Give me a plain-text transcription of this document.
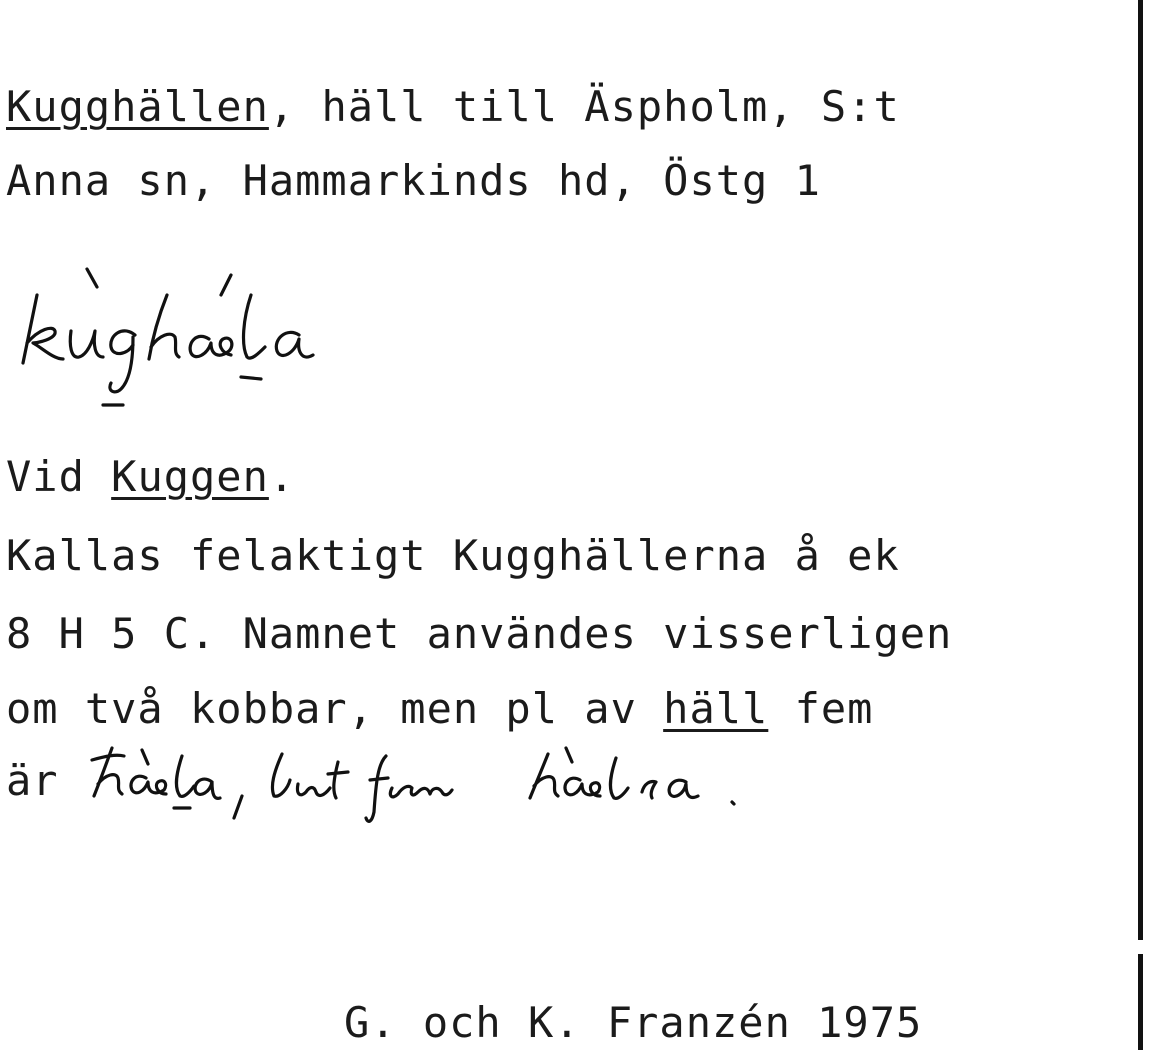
Kugghällen, häll till Äspholm, S:t
Anna sn, Hammarkinds hd, Östg 1
Vid Kuggen.
Kallas felaktigt Kugghällerna å ek
8 H 5 C. Namnet användes visserligen
om två kobbar, men pl av häll fem
är
G. och K. Franzén 1975
